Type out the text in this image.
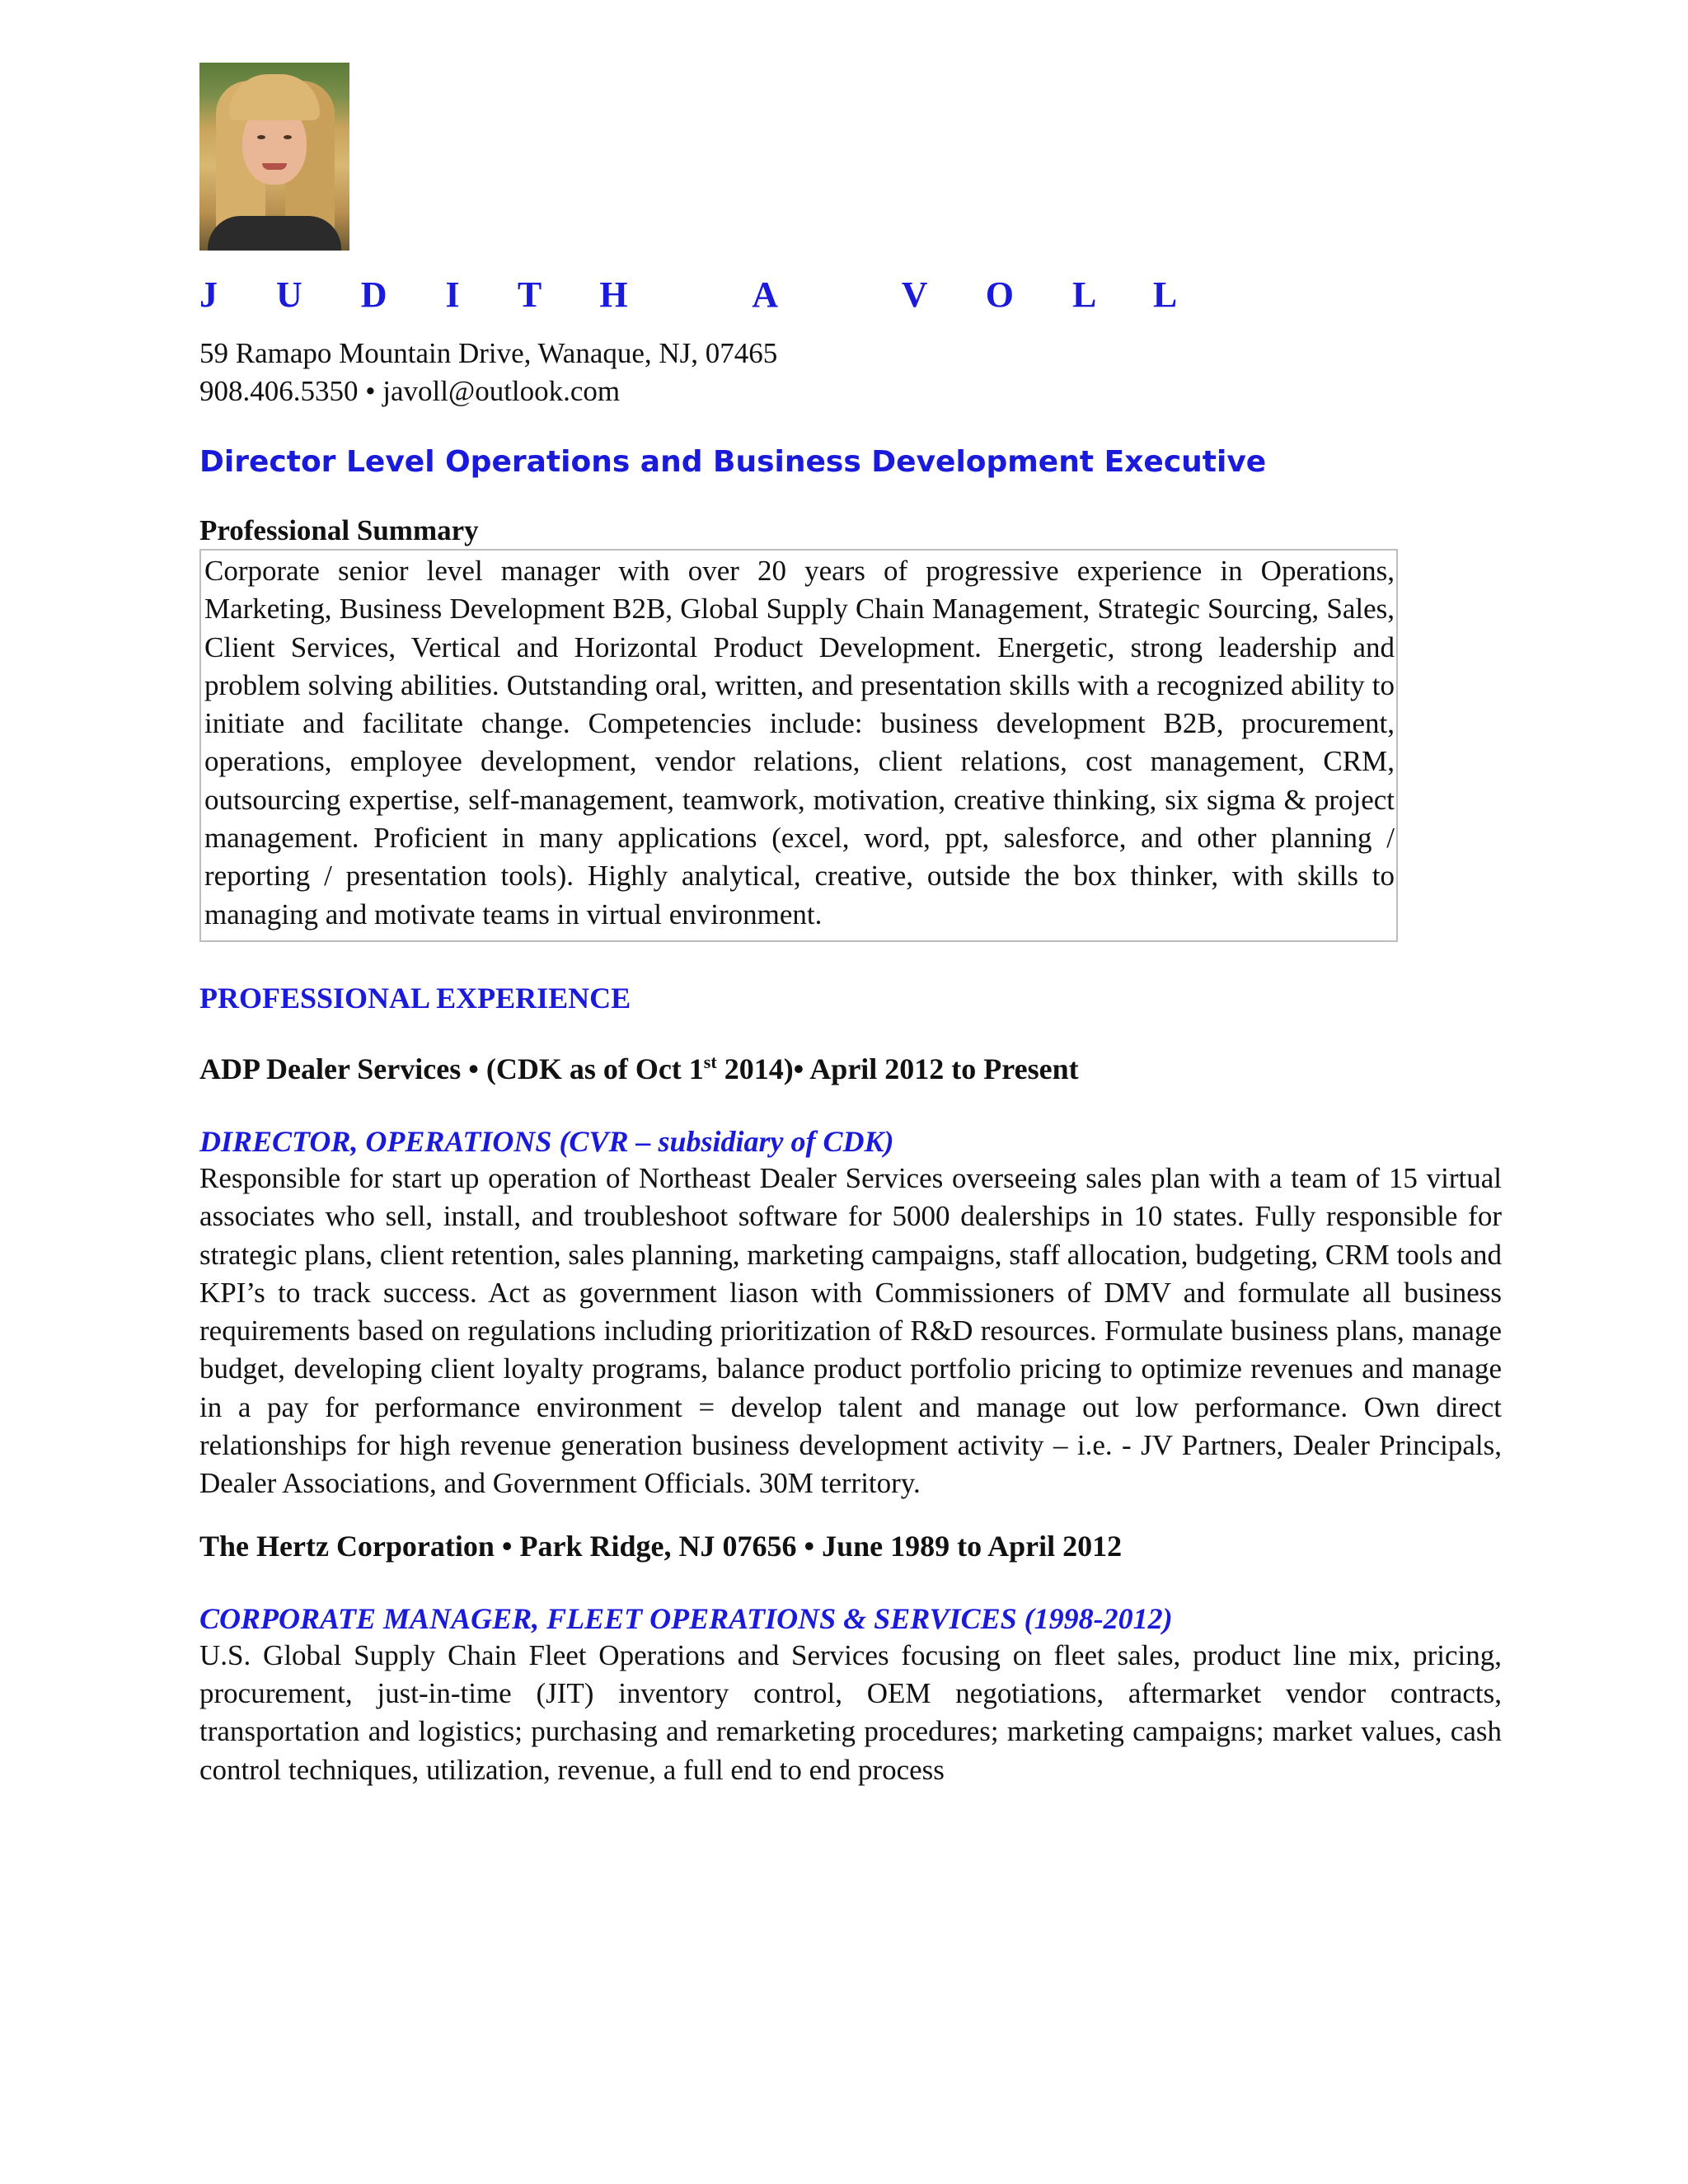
J U D I T H   A   V O L L
59 Ramapo Mountain Drive, Wanaque, NJ, 07465
908.406.5350 • javoll@outlook.com
Director Level Operations and Business Development Executive
Professional Summary
Corporate senior level manager with over 20 years of progressive experience in Operations, Marketing, Business Development B2B, Global Supply Chain Management, Strategic Sourcing, Sales, Client Services, Vertical and Horizontal Product Development. Energetic, strong leadership and problem solving abilities. Outstanding oral, written, and presentation skills with a recognized ability to initiate and facilitate change. Competencies include: business development B2B, procurement, operations, employee development, vendor relations, client relations, cost management, CRM, outsourcing expertise, self-management, teamwork, motivation, creative thinking, six sigma & project management. Proficient in many applications (excel, word, ppt, salesforce, and other planning / reporting / presentation tools). Highly analytical, creative, outside the box thinker, with skills to managing and motivate teams in virtual environment.
PROFESSIONAL EXPERIENCE
ADP Dealer Services • (CDK as of Oct 1st 2014)• April 2012 to Present
DIRECTOR, OPERATIONS (CVR – subsidiary of CDK)
Responsible for start up operation of Northeast Dealer Services overseeing sales plan with a team of 15 virtual associates who sell, install, and troubleshoot software for 5000 dealerships in 10 states. Fully responsible for strategic plans, client retention, sales planning, marketing campaigns, staff allocation, budgeting, CRM tools and KPI’s to track success. Act as government liason with Commissioners of DMV and formulate all business requirements based on regulations including prioritization of R&D resources. Formulate business plans, manage budget, developing client loyalty programs, balance product portfolio pricing to optimize revenues and manage in a pay for performance environment = develop talent and manage out low performance. Own direct relationships for high revenue generation business development activity – i.e. - JV Partners, Dealer Principals, Dealer Associations, and Government Officials. 30M territory.
The Hertz Corporation • Park Ridge, NJ 07656 • June 1989 to April 2012
CORPORATE MANAGER, FLEET OPERATIONS & SERVICES (1998-2012)
U.S. Global Supply Chain Fleet Operations and Services focusing on fleet sales, product line mix, pricing, procurement, just-in-time (JIT) inventory control, OEM negotiations, aftermarket vendor contracts, transportation and logistics; purchasing and remarketing procedures; marketing campaigns; market values, cash control techniques, utilization, revenue, a full end to end process
